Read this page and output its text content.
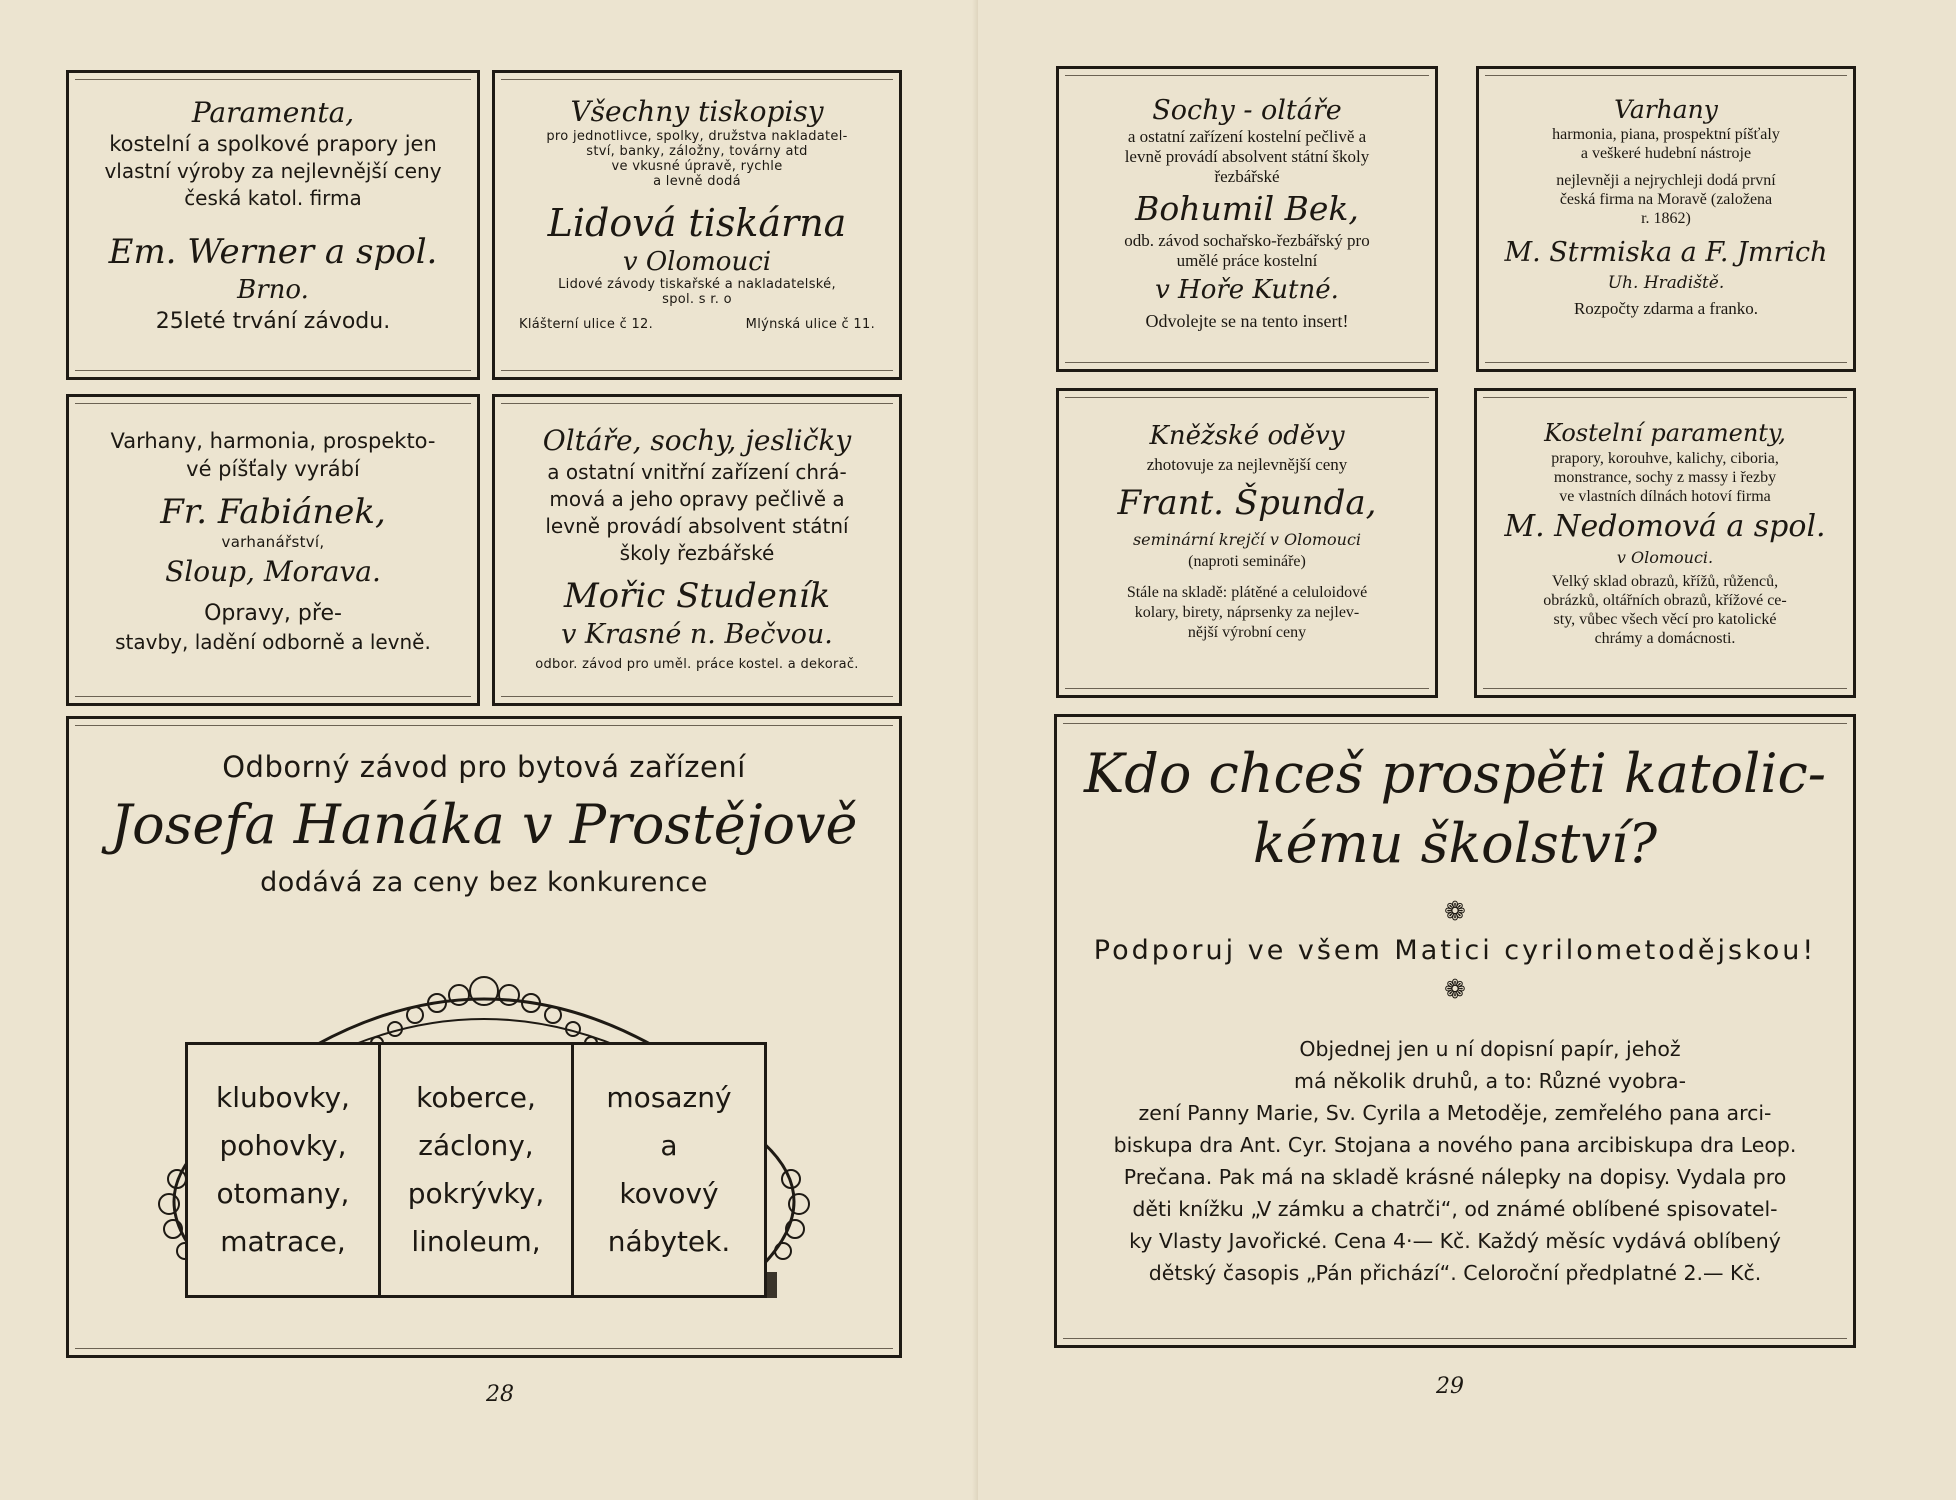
Paramenta,
kostelní a spolkové prapory jen
vlastní výroby za nejlevnější ceny
česká katol. firma
Em. Werner a spol.
Brno.
25leté trvání závodu.
Všechny tiskopisy
pro jednotlivce, spolky, družstva nakladatel-
ství, banky, záložny, továrny atd
ve vkusné úpravě, rychle
a levně dodá
Lidová tiskárna
v Olomouci
Lidové závody tiskařské a nakladatelské,
spol. s r. o
Klášterní ulice č 12.	Mlýnská ulice č 11.
Varhany, harmonia, prospekto-
vé píšťaly vyrábí
Fr. Fabiánek,
varhanářství,
Sloup, Morava.
Opravy, pře-
stavby, ladění odborně a levně.
Oltáře, sochy, jesličky
a ostatní vnitřní zařízení chrá-
mová a jeho opravy pečlivě a
levně provádí absolvent státní
školy řezbářské
Mořic Studeník
v Krasné n. Bečvou.
odbor. závod pro uměl. práce kostel. a dekorač.
Odborný závod pro bytová zařízení
Josefa Hanáka v Prostějově
dodává za ceny bez konkurence
klubovky,
pohovky,
otomany,
matrace,
koberce,
záclony,
pokrývky,
linoleum,
mosazný
a
kovový
nábytek.
28
Sochy - oltáře
a ostatní zařízení kostelní pečlivě a
levně provádí absolvent státní školy
řezbářské
Bohumil Bek,
odb. závod sochařsko-řezbářský pro
umělé práce kostelní
v Hoře Kutné.
Odvolejte se na tento insert!
Varhany
harmonia, piana, prospektní píšťaly
a veškeré hudební nástroje
nejlevněji a nejrychleji dodá první
česká firma na Moravě (založena
r. 1862)
M. Strmiska a F. Jmrich
Uh. Hradiště.
Rozpočty zdarma a franko.
Kněžské oděvy
zhotovuje za nejlevnější ceny
Frant. Špunda,
seminární krejčí v Olomouci
(naproti semináře)
Stále na skladě: plátěné a celuloidové
kolary, birety, náprsenky za nejlev-
nější výrobní ceny
Kostelní paramenty,
prapory, korouhve, kalichy, ciboria,
monstrance, sochy z massy i řezby
ve vlastních dílnách hotoví firma
M. Nedomová a spol.
v Olomouci.
Velký sklad obrazů, křížů, růženců,
obrázků, oltářních obrazů, křížové ce-
sty, vůbec všech věcí pro katolické
chrámy a domácnosti.
Kdo chceš prospěti katolic-
kému školství?
❁
Podporuj ve všem Matici cyrilometodějskou!
❁
Objednej jen u ní dopisní papír, jehož
má několik druhů, a to: Různé vyobra-
zení Panny Marie, Sv. Cyrila a Metoděje, zemřelého pana arci-
biskupa dra Ant. Cyr. Stojana a nového pana arcibiskupa dra Leop.
Prečana. Pak má na skladě krásné nálepky na dopisy. Vydala pro
děti knížku „V zámku a chatrči“, od známé oblíbené spisovatel-
ky Vlasty Javořické. Cena 4·— Kč. Každý měsíc vydává oblíbený
dětský časopis „Pán přichází“. Celoroční předplatné 2.— Kč.
29
